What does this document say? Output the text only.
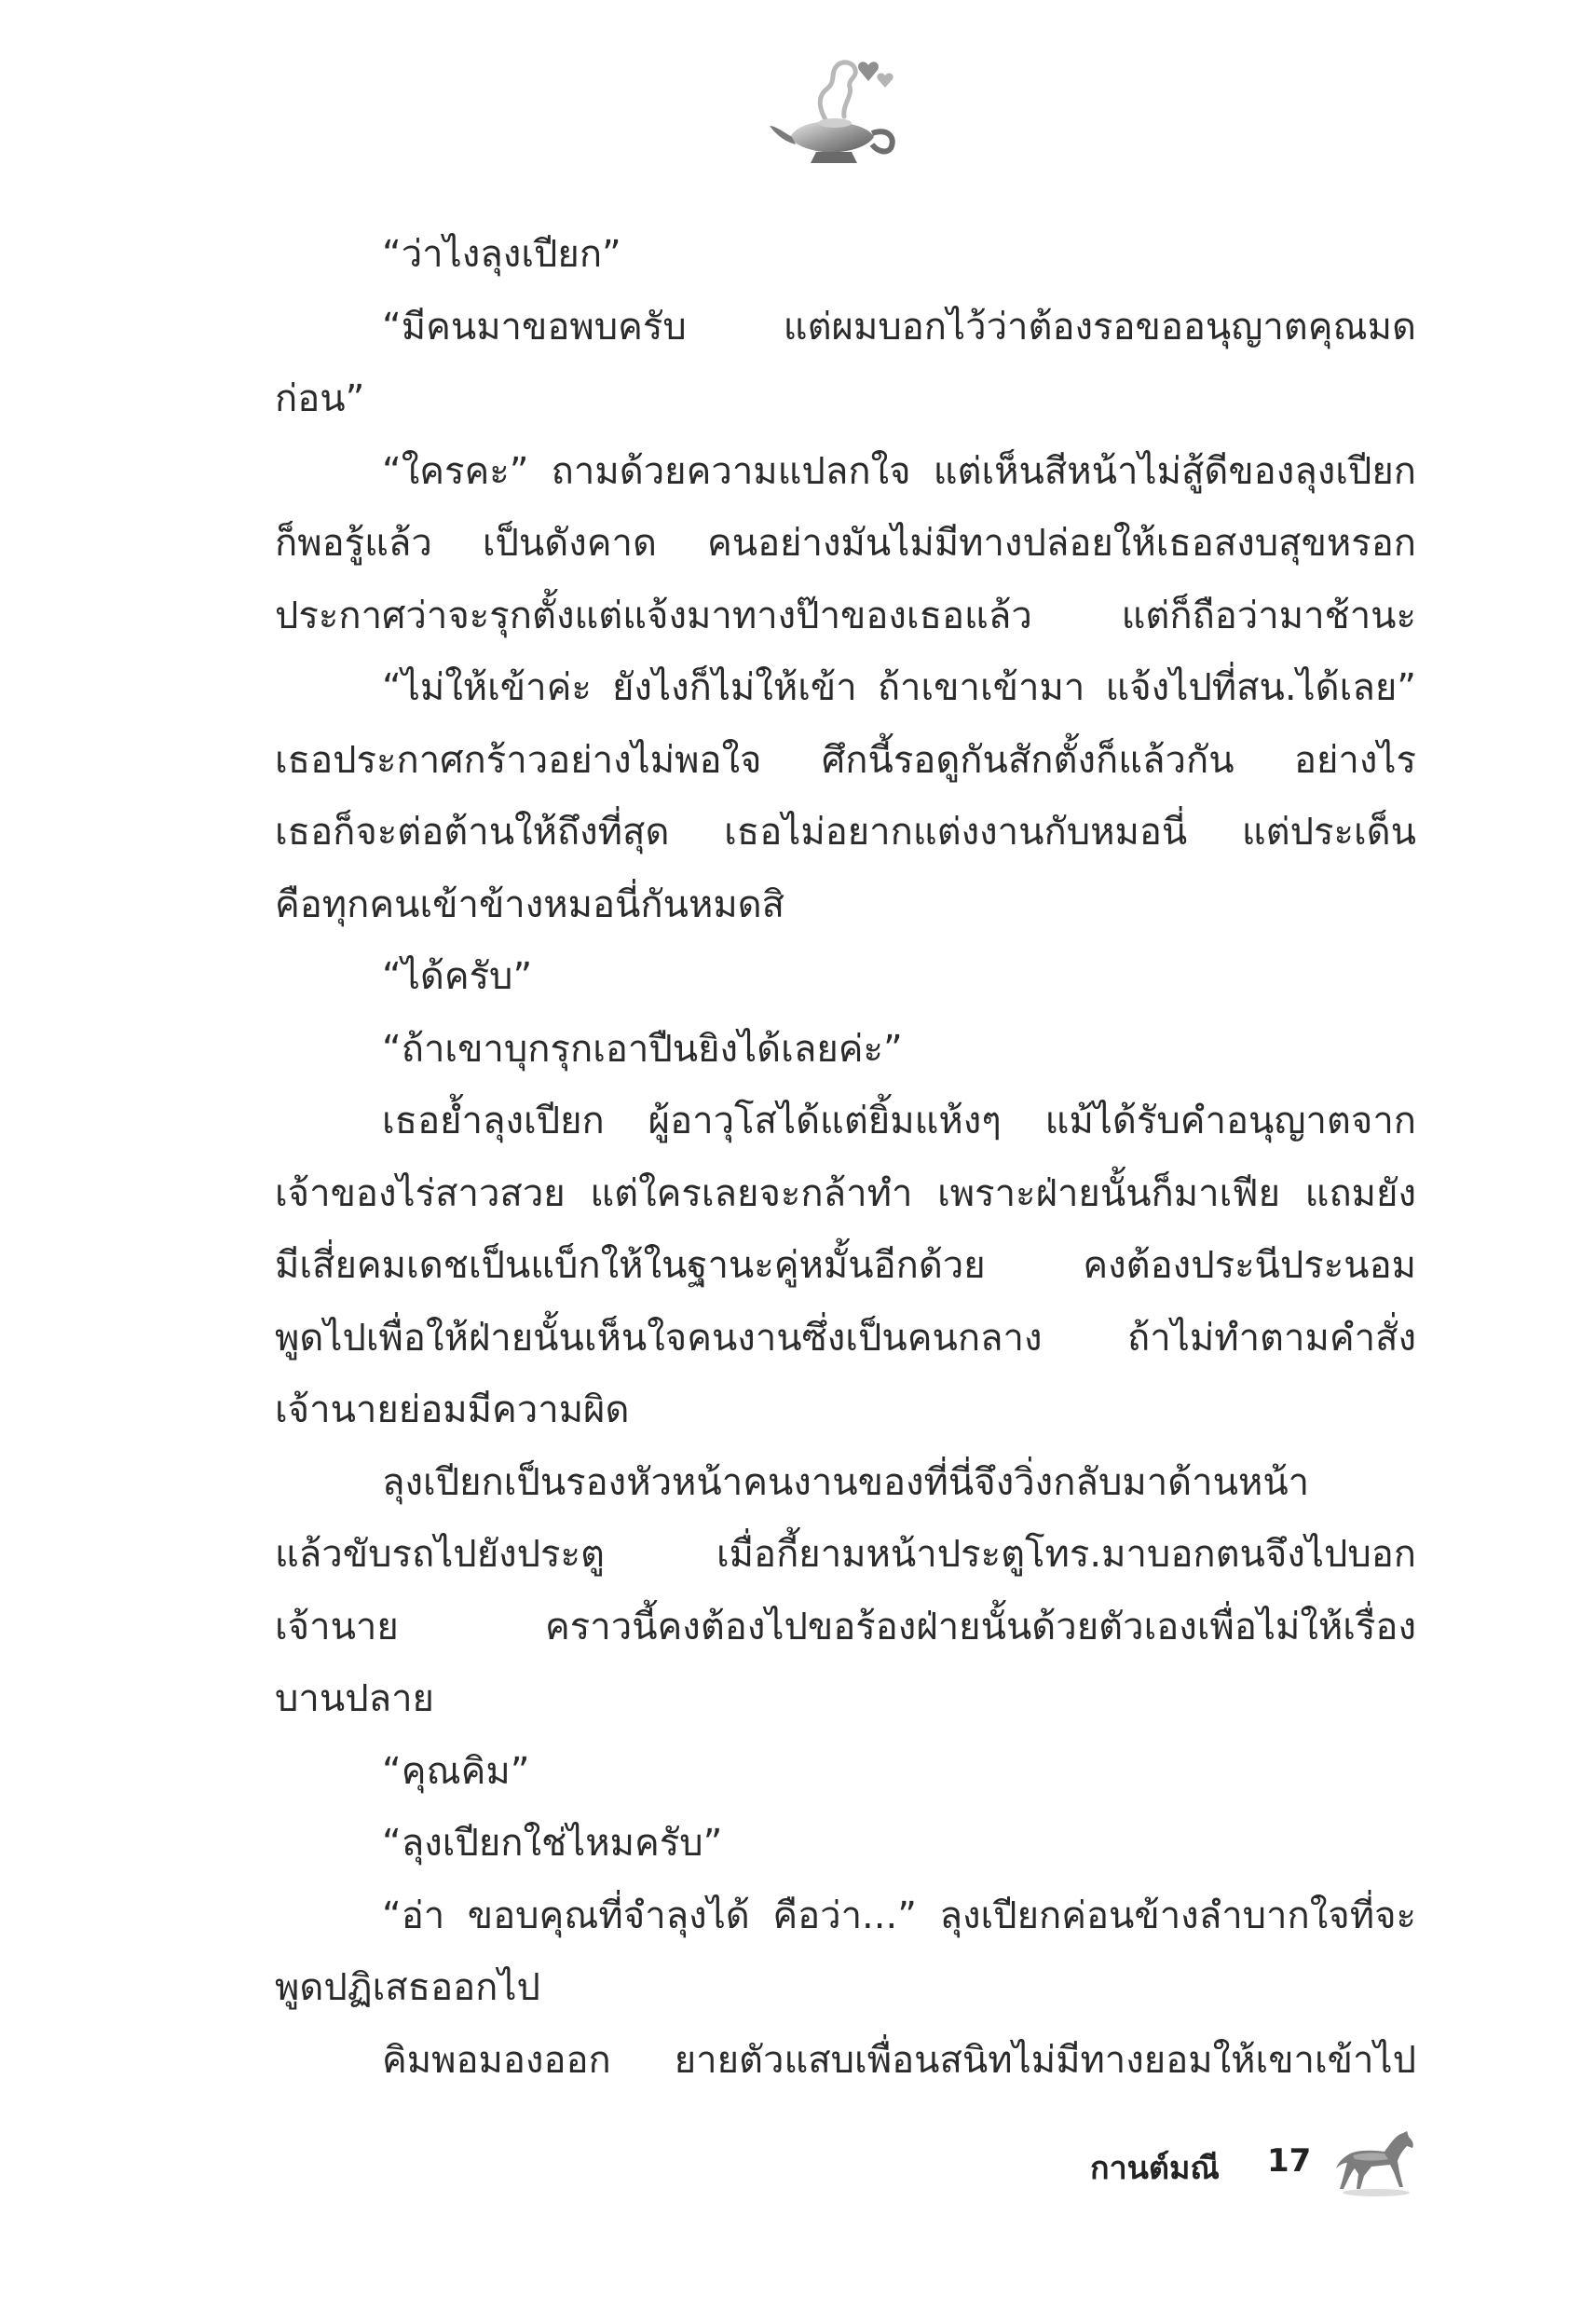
“ว่าไงลุงเปียก”
“มีคนมาขอพบครับ แต่ผมบอกไว้ว่าต้องรอขออนุญาตคุณมด
ก่อน”
“ใครคะ” ถามด้วยความแปลกใจ แต่เห็นสีหน้าไม่สู้ดีของลุงเปียก
ก็พอรู้แล้ว เป็นดังคาด คนอย่างมันไม่มีทางปล่อยให้เธอสงบสุขหรอก
ประกาศว่าจะรุกตั้งแต่แจ้งมาทางป๊าของเธอแล้ว แต่ก็ถือว่ามาช้านะ
“ไม่ให้เข้าค่ะ ยังไงก็ไม่ให้เข้า ถ้าเขาเข้ามา แจ้งไปที่สน.ได้เลย”
เธอประกาศกร้าวอย่างไม่พอใจ ศึกนี้รอดูกันสักตั้งก็แล้วกัน อย่างไร
เธอก็จะต่อต้านให้ถึงที่สุด เธอไม่อยากแต่งงานกับหมอนี่ แต่ประเด็น
คือทุกคนเข้าข้างหมอนี่กันหมดสิ
“ได้ครับ”
“ถ้าเขาบุกรุกเอาปืนยิงได้เลยค่ะ”
เธอย้ำลุงเปียก ผู้อาวุโสได้แต่ยิ้มแห้งๆ แม้ได้รับคำอนุญาตจาก
เจ้าของไร่สาวสวย แต่ใครเลยจะกล้าทำ เพราะฝ่ายนั้นก็มาเฟีย แถมยัง
มีเสี่ยคมเดชเป็นแบ็กให้ในฐานะคู่หมั้นอีกด้วย คงต้องประนีประนอม
พูดไปเพื่อให้ฝ่ายนั้นเห็นใจคนงานซึ่งเป็นคนกลาง ถ้าไม่ทำตามคำสั่ง
เจ้านายย่อมมีความผิด
ลุงเปียกเป็นรองหัวหน้าคนงานของที่นี่จึงวิ่งกลับมาด้านหน้า
แล้วขับรถไปยังประตู เมื่อกี้ยามหน้าประตูโทร.มาบอกตนจึงไปบอก
เจ้านาย คราวนี้คงต้องไปขอร้องฝ่ายนั้นด้วยตัวเองเพื่อไม่ให้เรื่อง
บานปลาย
“คุณคิม”
“ลุงเปียกใช่ไหมครับ”
“อ่า ขอบคุณที่จำลุงได้ คือว่า...” ลุงเปียกค่อนข้างลำบากใจที่จะ
พูดปฏิเสธออกไป
คิมพอมองออก ยายตัวแสบเพื่อนสนิทไม่มีทางยอมให้เขาเข้าไป
กานต์มณี 17
